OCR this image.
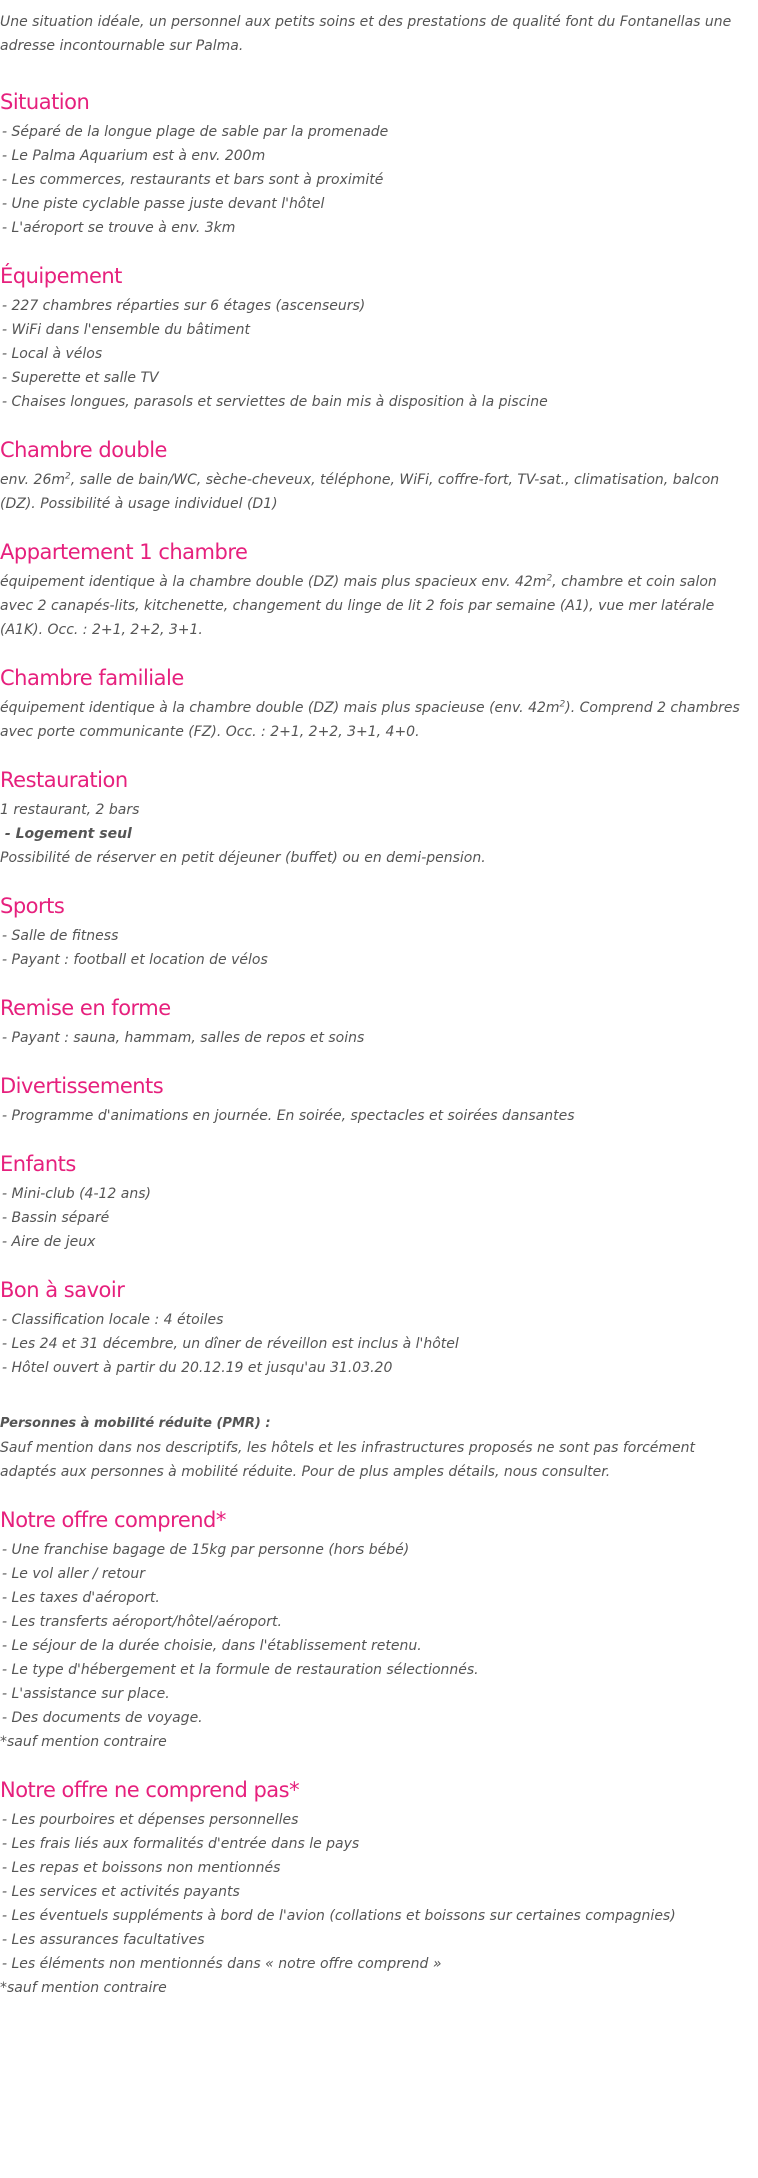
Une situation idéale, un personnel aux petits soins et des prestations de qualité font du Fontanellas une adresse incontournable sur Palma.

Situation
- Séparé de la longue plage de sable par la promenade
- Le Palma Aquarium est à env. 200m
- Les commerces, restaurants et bars sont à proximité
- Une piste cyclable passe juste devant l'hôtel
- L'aéroport se trouve à env. 3km
Équipement
- 227 chambres réparties sur 6 étages (ascenseurs)
- WiFi dans l'ensemble du bâtiment
- Local à vélos
- Superette et salle TV
- Chaises longues, parasols et serviettes de bain mis à disposition à la piscine
Chambre double

env. $26m^2$, salle de bain/WC, sèche-cheveux, téléphone, WiFi, coffre-fort, TV-sat., climatisation, balcon (DZ). Possibilité à usage individuel (D1)

Appartement 1 chambre

équipement identique à la chambre double (DZ) mais plus spacieux env. $42m^2$, chambre et coin salon avec 2 canapés-lits, kitchenette, changement du linge de lit 2 fois par semaine (A1), vue mer latérale (A1K). Occ. : 2+1, 2+2, 3+1.

Chambre familiale

équipement identique à la chambre double (DZ) mais plus spacieuse (env. $42m^2$). Comprend 2 chambres avec porte communicante (FZ). Occ. : 2+1, 2+2, 3+1, 4+0.

Restauration

1 restaurant, 2 bars

- Logement seul

Possibilité de réserver en petit déjeuner (buffet) ou en demi-pension.

Sports
- Salle de fitness
- Payant : football et location de vélos
Remise en forme
- Payant : sauna, hammam, salles de repos et soins
Divertissements
- Programme d'animations en journée. En soirée, spectacles et soirées dansantes
Enfants
- Mini-club (4-12 ans)
- Bassin séparé
- Aire de jeux
Bon à savoir
- Classification locale : 4 étoiles
- Les 24 et 31 décembre, un dîner de réveillon est inclus à l'hôtel
- Hôtel ouvert à partir du 20.12.19 et jusqu'au 31.03.20

Personnes à mobilité réduite (PMR) :

Sauf mention dans nos descriptifs, les hôtels et les infrastructures proposés ne sont pas forcément adaptés aux personnes à mobilité réduite. Pour de plus amples détails, nous consulter.

Notre offre comprend*
- Une franchise bagage de 15kg par personne (hors bébé)
- Le vol aller / retour
- Les taxes d'aéroport.
- Les transferts aéroport/hôtel/aéroport.
- Le séjour de la durée choisie, dans l'établissement retenu.
- Le type d'hébergement et la formule de restauration sélectionnés.
- L'assistance sur place.
- Des documents de voyage.

*sauf mention contraire

Notre offre ne comprend pas*
- Les pourboires et dépenses personnelles
- Les frais liés aux formalités d'entrée dans le pays
- Les repas et boissons non mentionnés
- Les services et activités payants
- Les éventuels suppléments à bord de l'avion (collations et boissons sur certaines compagnies)
- Les assurances facultatives
- Les éléments non mentionnés dans « notre offre comprend »

*sauf mention contraire
